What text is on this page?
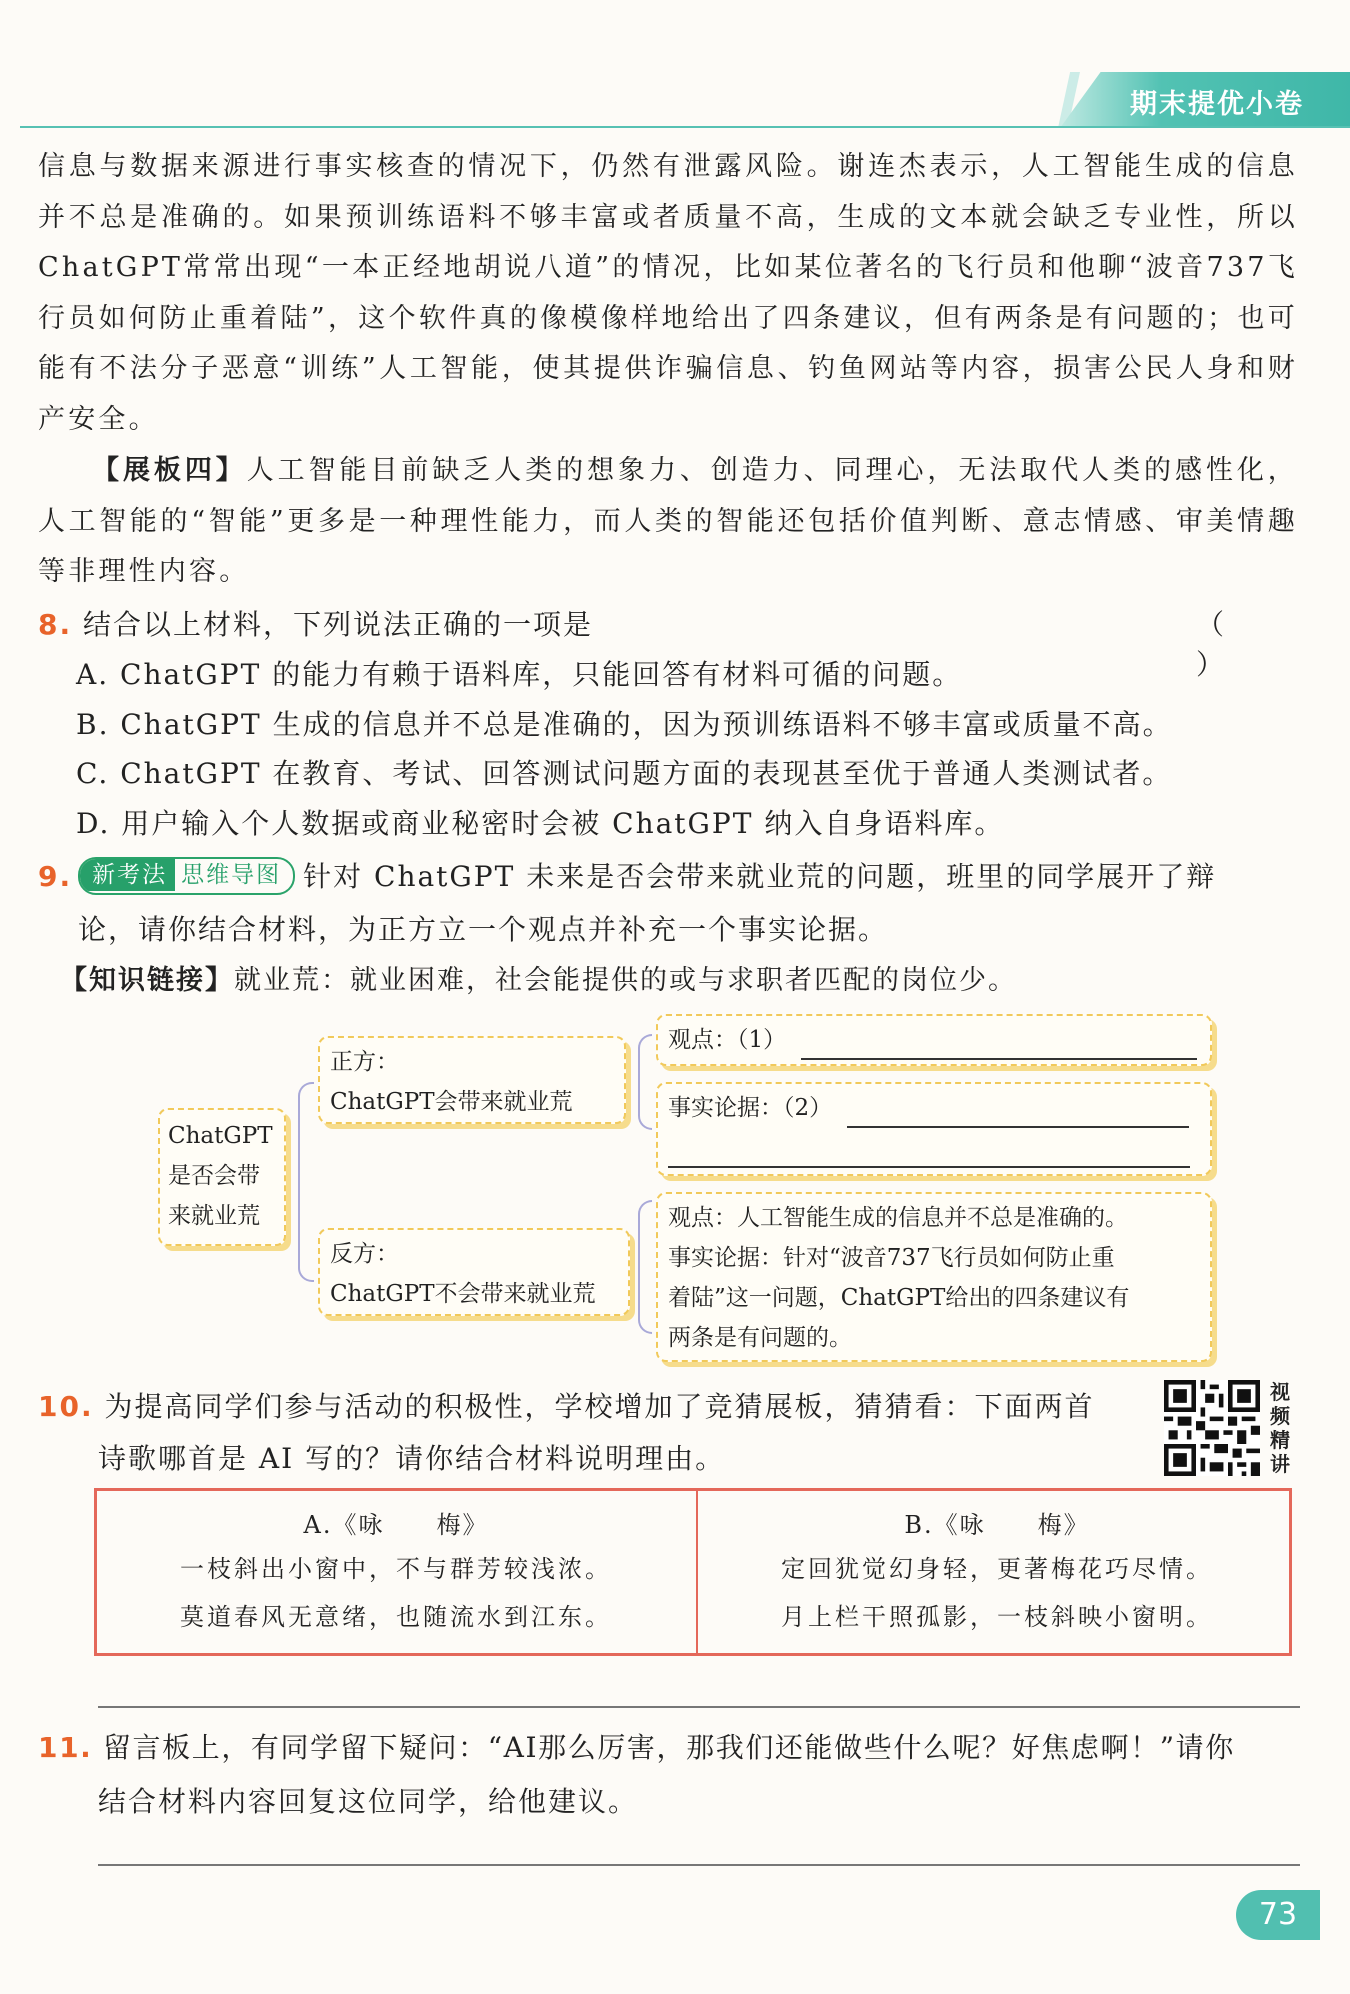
期末提优小卷

信息与数据来源进行事实核查的情况下，仍然有泄露风险。谢连杰表示，人工智能生成的信息并不总是准确的。如果预训练语料不够丰富或者质量不高，生成的文本就会缺乏专业性，所以ChatGPT常常出现“一本正经地胡说八道”的情况，比如某位著名的飞行员和他聊“波音737飞行员如何防止重着陆”，这个软件真的像模像样地给出了四条建议，但有两条是有问题的；也可能有不法分子恶意“训练”人工智能，使其提供诈骗信息、钓鱼网站等内容，损害公民人身和财产安全。

【展板四】人工智能目前缺乏人类的想象力、创造力、同理心，无法取代人类的感性化，人工智能的“智能”更多是一种理性能力，而人类的智能还包括价值判断、意志情感、审美情趣等非理性内容。

8. 结合以上材料，下列说法正确的一项是	（ ）
A. ChatGPT 的能力有赖于语料库，只能回答有材料可循的问题。
B. ChatGPT 生成的信息并不总是准确的，因为预训练语料不够丰富或质量不高。
C. ChatGPT 在教育、考试、回答测试问题方面的表现甚至优于普通人类测试者。
D. 用户输入个人数据或商业秘密时会被 ChatGPT 纳入自身语料库。
9. 新考法 思维导图 针对 ChatGPT 未来是否会带来就业荒的问题，班里的同学展开了辩
论，请你结合材料，为正方立一个观点并补充一个事实论据。
【知识链接】就业荒：就业困难，社会能提供的或与求职者匹配的岗位少。
ChatGPT
是否会带
来就业荒
正方：
ChatGPT会带来就业荒
观点：（1）
事实论据：（2）
反方：
ChatGPT不会带来就业荒
观点：人工智能生成的信息并不总是准确的。
事实论据：针对“波音737飞行员如何防止重
着陆”这一问题，ChatGPT给出的四条建议有
两条是有问题的。
10. 为提高同学们参与活动的积极性，学校增加了竞猜展板，猜猜看：下面两首
诗歌哪首是 AI 写的？请你结合材料说明理由。
视频精讲
A.《咏　　梅》
一枝斜出小窗中，不与群芳较浅浓。
莫道春风无意绪，也随流水到江东。
B.《咏　　梅》
定回犹觉幻身轻，更著梅花巧尽情。
月上栏干照孤影，一枝斜映小窗明。
11. 留言板上，有同学留下疑问：“AI那么厉害，那我们还能做些什么呢？好焦虑啊！”请你
结合材料内容回复这位同学，给他建议。
73
